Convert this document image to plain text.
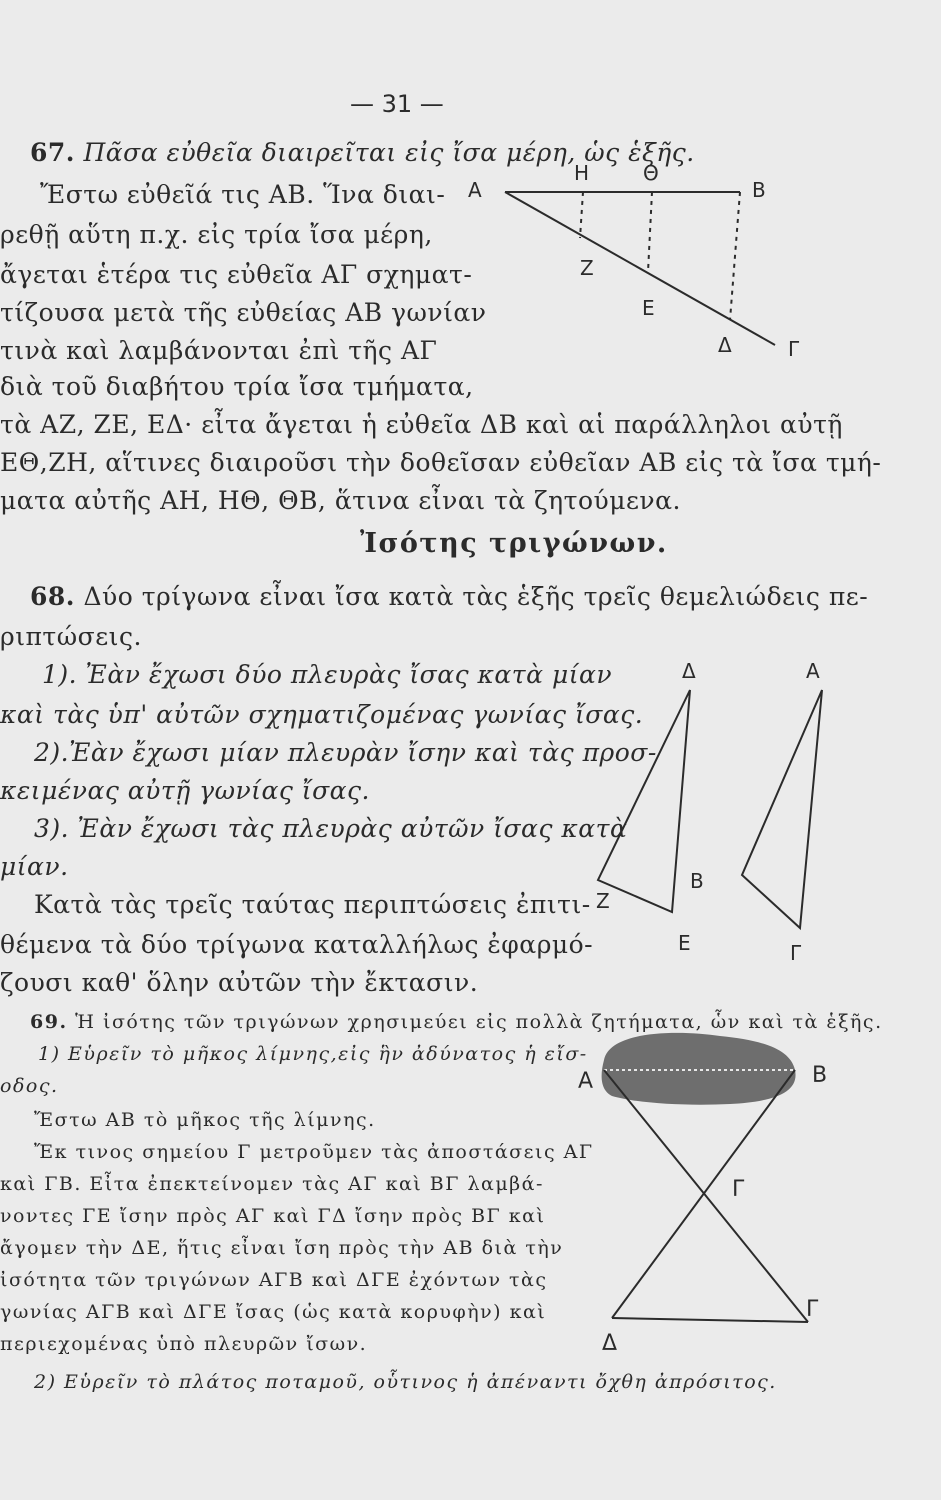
— 31 —
67. Πᾶσα εὐθεῖα διαιρεῖται εἰς ἴσα μέρη, ὡς ἑξῆς.
Ἔστω εὐθεῖά τις ΑΒ. Ἵνα διαι-
ρεθῇ αὕτη π.χ. εἰς τρία ἴσα μέρη,
ἄγεται ἑτέρα τις εὐθεῖα ΑΓ σχηματ-
τίζουσα μετὰ τῆς εὐθείας ΑΒ γωνίαν
τινὰ καὶ λαμβάνονται ἐπὶ τῆς ΑΓ
διὰ τοῦ διαβήτου τρία ἴσα τμήματα,
τὰ ΑΖ, ΖΕ, ΕΔ· εἶτα ἄγεται ἡ εὐθεῖα ΔΒ καὶ αἱ παράλληλοι αὐτῇ
ΕΘ,ΖΗ, αἵτινες διαιροῦσι τὴν δοθεῖσαν εὐθεῖαν ΑΒ εἰς τὰ ἴσα τμή-
ματα αὐτῆς ΑΗ, ΗΘ, ΘΒ, ἅτινα εἶναι τὰ ζητούμενα.
Α	Β
Η	Θ
Ζ
Ε
Δ	Γ
Ἰσότης τριγώνων.
68. Δύο τρίγωνα εἶναι ἴσα κατὰ τὰς ἑξῆς τρεῖς θεμελιώδεις πε-
ριπτώσεις.
1). Ἐὰν ἔχωσι δύο πλευρὰς ἴσας κατὰ μίαν
καὶ τὰς ὑπ' αὐτῶν σχηματιζομένας γωνίας ἴσας.
2).Ἐὰν ἔχωσι μίαν πλευρὰν ἴσην καὶ τὰς προσ-
κειμένας αὐτῇ γωνίας ἴσας.
3). Ἐὰν ἔχωσι τὰς πλευρὰς αὐτῶν ἴσας κατὰ
μίαν.
Κατὰ τὰς τρεῖς ταύτας περιπτώσεις ἐπιτι-
θέμενα τὰ δύο τρίγωνα καταλλήλως ἐφαρμό-
ζουσι καθ' ὅλην αὐτῶν τὴν ἔκτασιν.
Δ	Α
Ζ
Β
Ε	Γ
69. Ἡ ἰσότης τῶν τριγώνων χρησιμεύει εἰς πολλὰ ζητήματα, ὧν καὶ τὰ ἑξῆς.
1) Εὑρεῖν τὸ μῆκος λίμνης,εἰς ἣν ἀδύνατος ἡ εἴσ-
οδος.
Ἔστω ΑΒ τὸ μῆκος τῆς λίμνης.
Ἔκ τινος σημείου Γ μετροῦμεν τὰς ἀποστάσεις ΑΓ
καὶ ΓΒ. Εἶτα ἐπεκτείνομεν τὰς ΑΓ καὶ ΒΓ λαμβά-
νοντες ΓΕ ἴσην πρὸς ΑΓ καὶ ΓΔ ἴσην πρὸς ΒΓ καὶ
ἄγομεν τὴν ΔΕ, ἥτις εἶναι ἴση πρὸς τὴν ΑΒ διὰ τὴν
ἰσότητα τῶν τριγώνων ΑΓΒ καὶ ΔΓΕ ἐχόντων τὰς
γωνίας ΑΓΒ καὶ ΔΓΕ ἴσας (ὡς κατὰ κορυφὴν) καὶ
περιεχομένας ὑπὸ πλευρῶν ἴσων.
2) Εὑρεῖν τὸ πλάτος ποταμοῦ, οὗτινος ἡ ἀπέναντι ὄχθη ἀπρόσιτος.
Α	Β
Γ
Γ
Δ
